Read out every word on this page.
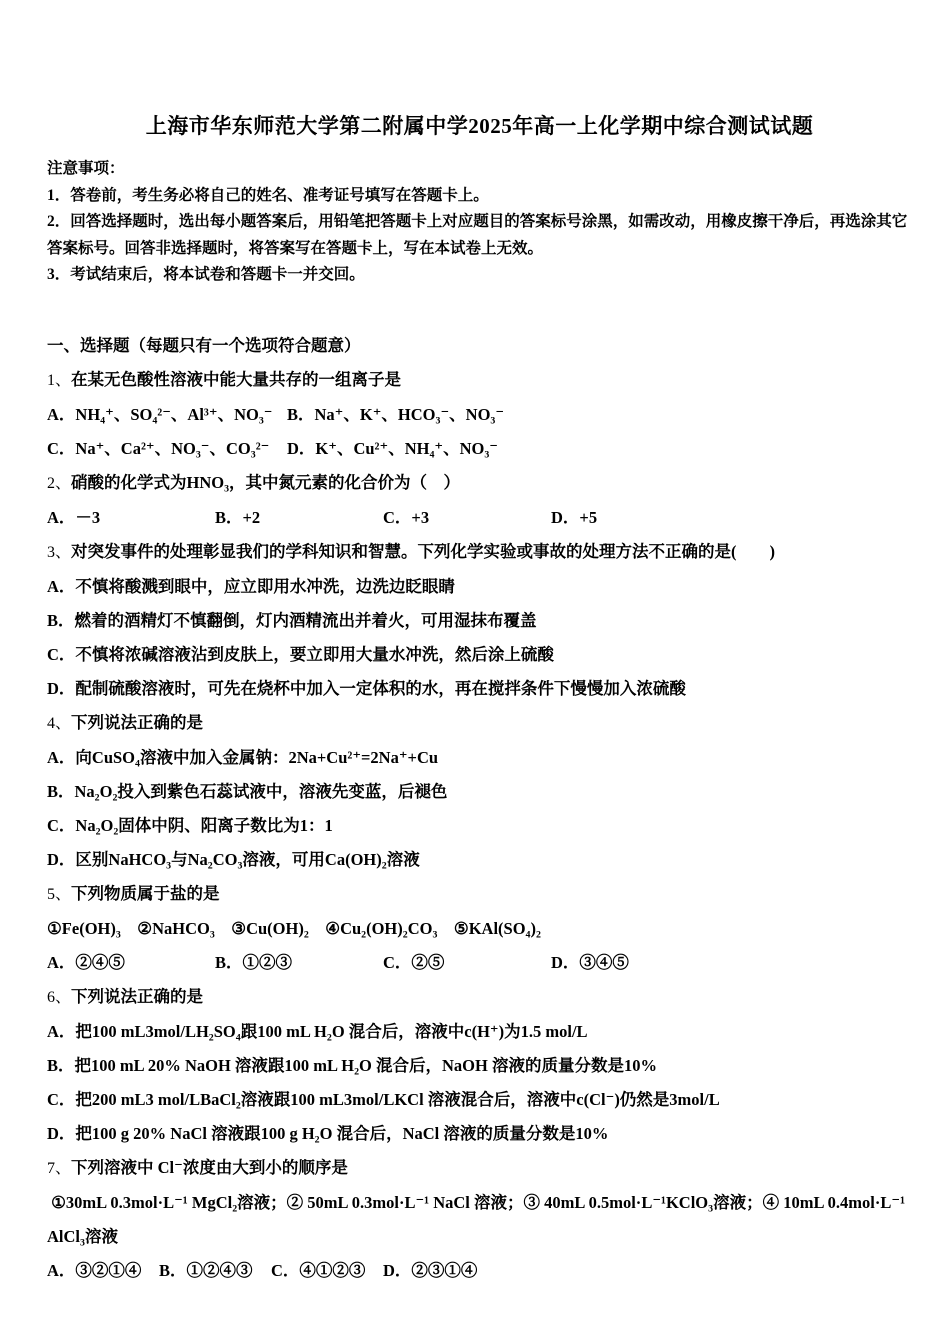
上海市华东师范大学第二附属中学2025年高一上化学期中综合测试试题

注意事项：

1．答卷前，考生务必将自己的姓名、准考证号填写在答题卡上。

2．回答选择题时，选出每小题答案后，用铅笔把答题卡上对应题目的答案标号涂黑，如需改动，用橡皮擦干净后，再选涂其它答案标号。回答非选择题时，将答案写在答题卡上，写在本试卷上无效。

3．考试结束后，将本试卷和答题卡一并交回。

一、选择题（每题只有一个选项符合题意）

1、在某无色酸性溶液中能大量共存的一组离子是

A．NH₄⁺、SO₄²⁻、Al³⁺、NO₃⁻ B．Na⁺、K⁺、HCO₃⁻、NO₃⁻

C．Na⁺、Ca²⁺、NO₃⁻、CO₃²⁻ D．K⁺、Cu²⁺、NH₄⁺、NO₃⁻

2、硝酸的化学式为HNO₃，其中氮元素的化合价为（　）

A．－3	B．+2	C．+3	D．+5

3、对突发事件的处理彰显我们的学科知识和智慧。下列化学实验或事故的处理方法不正确的是(　　)

A．不慎将酸溅到眼中，应立即用水冲洗，边洗边眨眼睛

B．燃着的酒精灯不慎翻倒，灯内酒精流出并着火，可用湿抹布覆盖

C．不慎将浓碱溶液沾到皮肤上，要立即用大量水冲洗，然后涂上硫酸

D．配制硫酸溶液时，可先在烧杯中加入一定体积的水，再在搅拌条件下慢慢加入浓硫酸

4、下列说法正确的是

A．向CuSO₄溶液中加入金属钠：2Na+Cu²⁺=2Na⁺+Cu

B．Na₂O₂投入到紫色石蕊试液中，溶液先变蓝，后褪色

C．Na₂O₂固体中阴、阳离子数比为1：1

D．区别NaHCO₃与Na₂CO₃溶液，可用Ca(OH)₂溶液

5、下列物质属于盐的是

①Fe(OH)₃　②NaHCO₃　③Cu(OH)₂　④Cu₂(OH)₂CO₃　⑤KAl(SO₄)₂

A．②④⑤	B．①②③	C．②⑤	D．③④⑤

6、下列说法正确的是

A．把100 mL3mol/LH₂SO₄跟100 mL H₂O 混合后，溶液中c(H⁺)为1.5 mol/L

B．把100 mL 20% NaOH 溶液跟100 mL H₂O 混合后，NaOH 溶液的质量分数是10%

C．把200 mL3 mol/LBaCl₂溶液跟100 mL3mol/LKCl 溶液混合后，溶液中c(Cl⁻)仍然是3mol/L

D．把100 g 20% NaCl 溶液跟100 g H₂O 混合后，NaCl 溶液的质量分数是10%

7、下列溶液中 Cl⁻浓度由大到小的顺序是

①30mL 0.3mol·L⁻¹ MgCl₂溶液；② 50mL 0.3mol·L⁻¹ NaCl 溶液；③ 40mL 0.5mol·L⁻¹KClO₃溶液；④ 10mL 0.4mol·L⁻¹ AlCl₃溶液

A．③②①④ B．①②④③ C．④①②③ D．②③①④
